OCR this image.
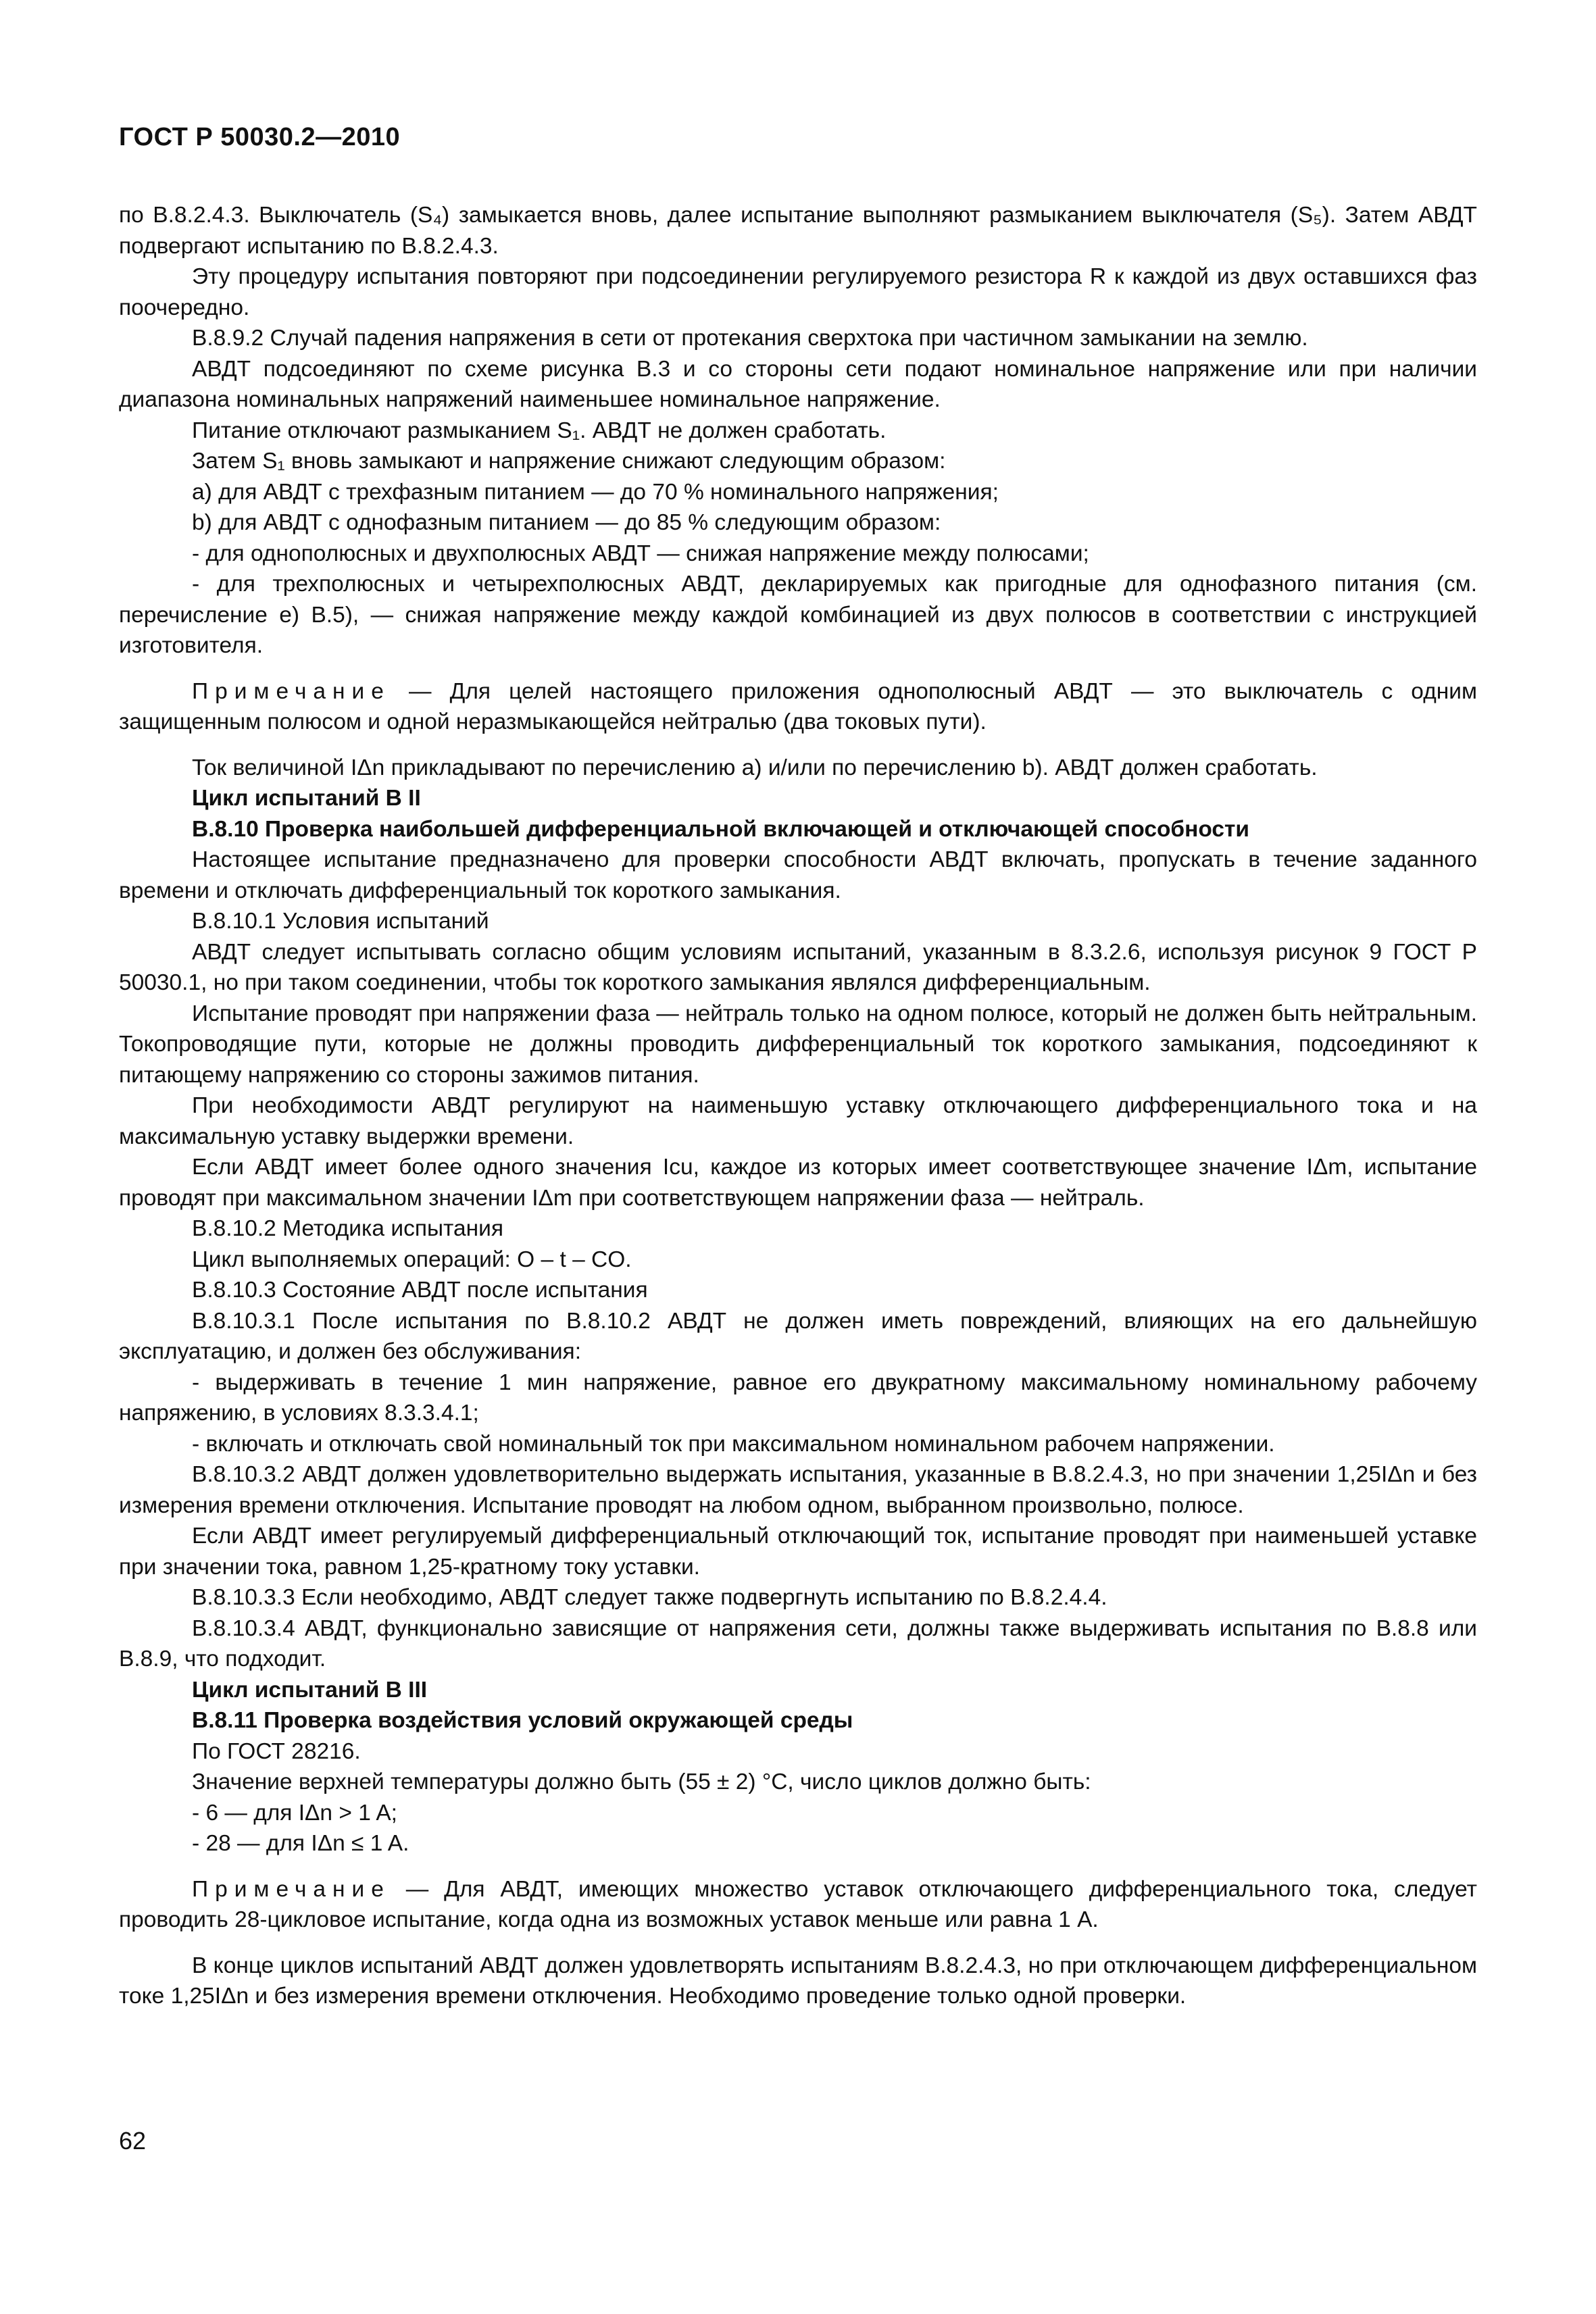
ГОСТ Р 50030.2—2010

по В.8.2.4.3. Выключатель (S₄) замыкается вновь, далее испытание выполняют размыканием выключателя (S₅). Затем АВДТ подвергают испытанию по В.8.2.4.3.

Эту процедуру испытания повторяют при подсоединении регулируемого резистора R к каждой из двух оставшихся фаз поочередно.

В.8.9.2 Случай падения напряжения в сети от протекания сверхтока при частичном замыкании на землю.

АВДТ подсоединяют по схеме рисунка В.3 и со стороны сети подают номинальное напряжение или при наличии диапазона номинальных напряжений наименьшее номинальное напряжение.

Питание отключают размыканием S₁. АВДТ не должен сработать.

Затем S₁ вновь замыкают и напряжение снижают следующим образом:

a) для АВДТ с трехфазным питанием — до 70 % номинального напряжения;

b) для АВДТ с однофазным питанием — до 85 % следующим образом:

- для однополюсных и двухполюсных АВДТ — снижая напряжение между полюсами;

- для трехполюсных и четырехполюсных АВДТ, декларируемых как пригодные для однофазного питания (см. перечисление е) В.5), — снижая напряжение между каждой комбинацией из двух полюсов в соответствии с инструкцией изготовителя.

Примечание — Для целей настоящего приложения однополюсный АВДТ — это выключатель с одним защищенным полюсом и одной неразмыкающейся нейтралью (два токовых пути).

Ток величиной IΔn прикладывают по перечислению а) и/или по перечислению b). АВДТ должен сработать.

Цикл испытаний В II

В.8.10 Проверка наибольшей дифференциальной включающей и отключающей способности

Настоящее испытание предназначено для проверки способности АВДТ включать, пропускать в течение заданного времени и отключать дифференциальный ток короткого замыкания.

В.8.10.1 Условия испытаний

АВДТ следует испытывать согласно общим условиям испытаний, указанным в 8.3.2.6, используя рисунок 9 ГОСТ Р 50030.1, но при таком соединении, чтобы ток короткого замыкания являлся дифференциальным.

Испытание проводят при напряжении фаза — нейтраль только на одном полюсе, который не должен быть нейтральным. Токопроводящие пути, которые не должны проводить дифференциальный ток короткого замыкания, подсоединяют к питающему напряжению со стороны зажимов питания.

При необходимости АВДТ регулируют на наименьшую уставку отключающего дифференциального тока и на максимальную уставку выдержки времени.

Если АВДТ имеет более одного значения Icu, каждое из которых имеет соответствующее значение IΔm, испытание проводят при максимальном значении IΔm при соответствующем напряжении фаза — нейтраль.

В.8.10.2 Методика испытания

Цикл выполняемых операций: O – t – CO.

В.8.10.3 Состояние АВДТ после испытания

В.8.10.3.1 После испытания по В.8.10.2 АВДТ не должен иметь повреждений, влияющих на его дальнейшую эксплуатацию, и должен без обслуживания:

- выдерживать в течение 1 мин напряжение, равное его двукратному максимальному номинальному рабочему напряжению, в условиях 8.3.3.4.1;

- включать и отключать свой номинальный ток при максимальном номинальном рабочем напряжении.

В.8.10.3.2 АВДТ должен удовлетворительно выдержать испытания, указанные в В.8.2.4.3, но при значении 1,25IΔn и без измерения времени отключения. Испытание проводят на любом одном, выбранном произвольно, полюсе.

Если АВДТ имеет регулируемый дифференциальный отключающий ток, испытание проводят при наименьшей уставке при значении тока, равном 1,25-кратному току уставки.

В.8.10.3.3 Если необходимо, АВДТ следует также подвергнуть испытанию по В.8.2.4.4.

В.8.10.3.4 АВДТ, функционально зависящие от напряжения сети, должны также выдерживать испытания по В.8.8 или В.8.9, что подходит.

Цикл испытаний В III

В.8.11 Проверка воздействия условий окружающей среды

По ГОСТ 28216.

Значение верхней температуры должно быть (55 ± 2) °С, число циклов должно быть:

- 6 — для IΔn > 1 A;

- 28 — для IΔn ≤ 1 A.

Примечание — Для АВДТ, имеющих множество уставок отключающего дифференциального тока, следует проводить 28-цикловое испытание, когда одна из возможных уставок меньше или равна 1 А.

В конце циклов испытаний АВДТ должен удовлетворять испытаниям В.8.2.4.3, но при отключающем дифференциальном токе 1,25IΔn и без измерения времени отключения. Необходимо проведение только одной проверки.

62
